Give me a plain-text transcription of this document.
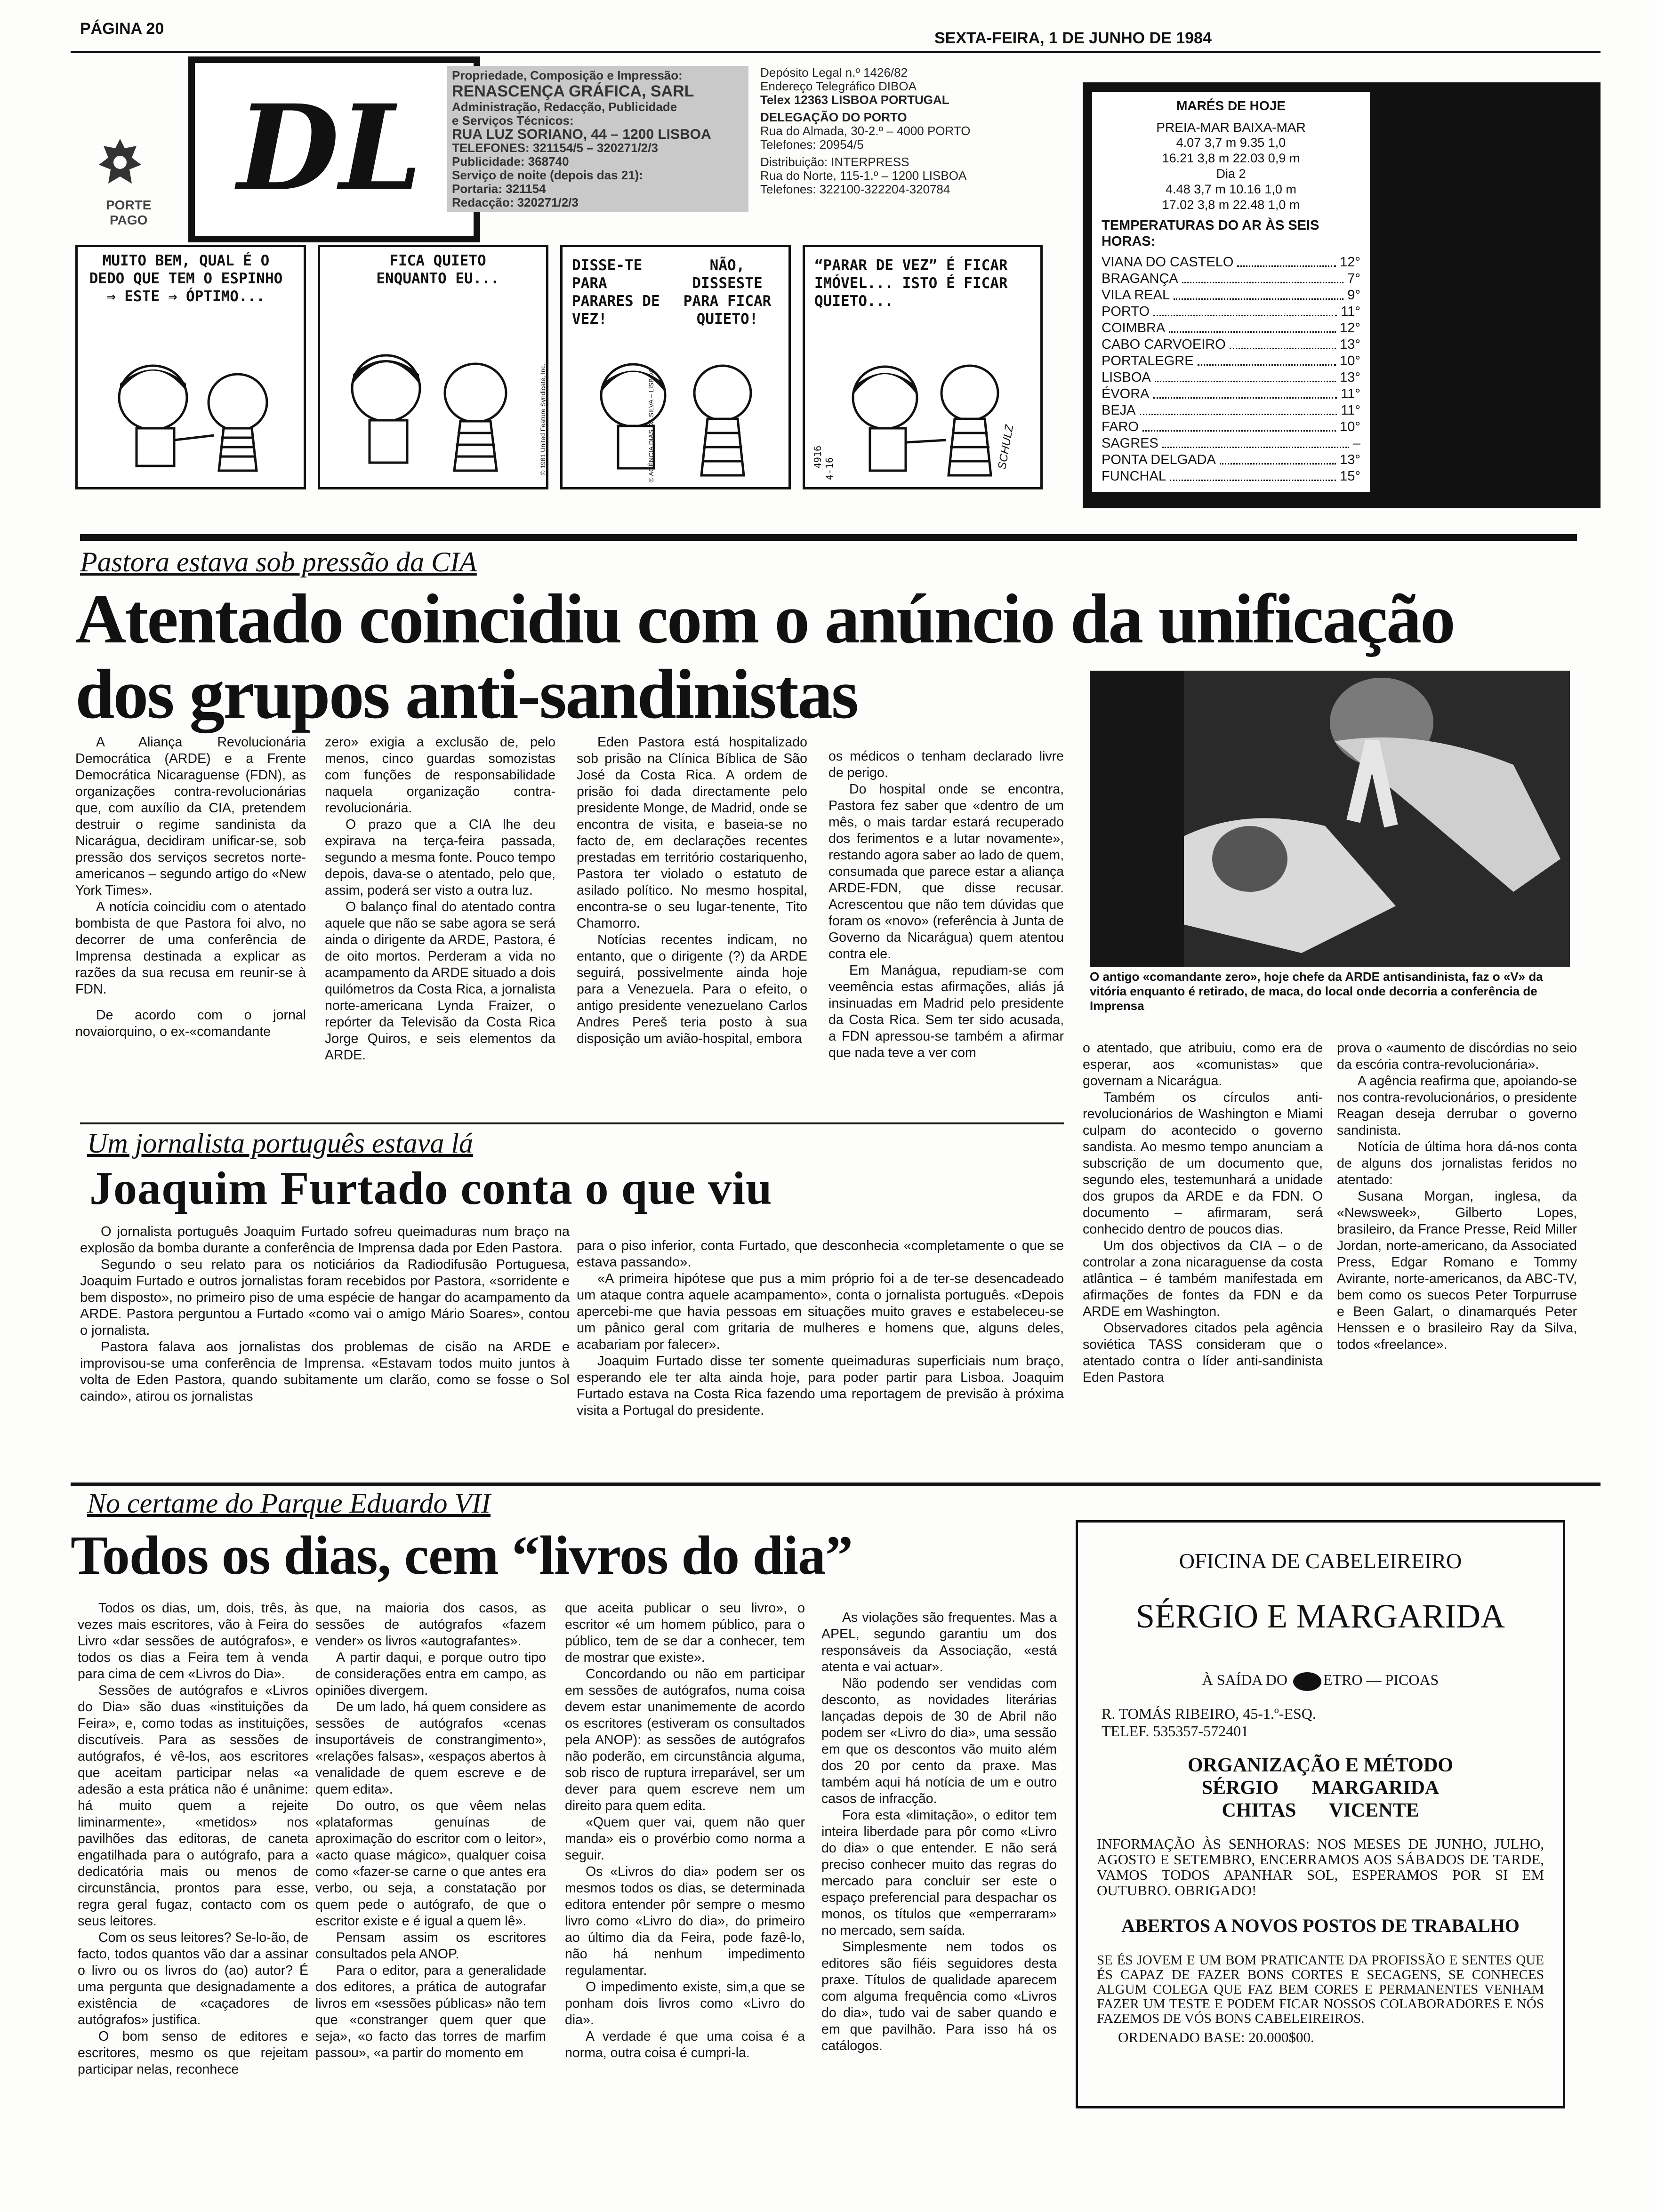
PÁGINA 20
SEXTA-FEIRA, 1 DE JUNHO DE 1984
PORTE
PAGO
DL
Propriedade, Composição e Impressão:
RENASCENÇA GRÁFICA, SARL
Administração, Redacção, Publicidade
e Serviços Técnicos:
RUA LUZ SORIANO, 44 – 1200 LISBOA
TELEFONES: 321154/5 – 320271/2/3
Publicidade: 368740
Serviço de noite (depois das 21):
Portaria: 321154
Redacção: 320271/2/3
Depósito Legal n.º 1426/82
Endereço Telegráfico DIBOA
Telex 12363 LISBOA PORTUGAL
DELEGAÇÃO DO PORTO
Rua do Almada, 30-2.º – 4000 PORTO
Telefones: 20954/5
Distribuição: INTERPRESS
Rua do Norte, 115-1.º – 1200 LISBOA
Telefones: 322100-322204-320784
MARÉS DE HOJE
PREIA-MAR BAIXA-MAR
4.07 3,7 m 9.35 1,0
16.21 3,8 m 22.03 0,9 m
Dia 2
4.48 3,7 m 10.16 1,0 m
17.02 3,8 m 22.48 1,0 m
TEMPERATURAS DO AR ÀS SEIS HORAS:
VIANA DO CASTELO	12°
BRAGANÇA	7°
VILA REAL	9°
PORTO	11°
COIMBRA	12°
CABO CARVOEIRO	13°
PORTALEGRE	10°
LISBOA	13°
ÉVORA	11°
BEJA	11°
FARO	10°
SAGRES	–
PONTA DELGADA	13°
FUNCHAL	15°
MUITO BEM, QUAL É O DEDO QUE TEM O ESPINHO ⇒ ESTE ⇒ ÓPTIMO...
FICA QUIETO ENQUANTO EU...
© 1981 United Feature Syndicate, Inc.
DISSE-TE PARA PARARES DE VEZ!
NÃO, DISSESTE PARA FICAR QUIETO!
© AGÊNCIA DIAS DA SILVA – LISBOA
“PARAR DE VEZ” É FICAR IMÓVEL... ISTO É FICAR QUIETO...
SCHULZ
4916
4-16
Pastora estava sob pressão da CIA
Atentado coincidiu com o anúncio da unificação
dos grupos anti-sandinistas

A Aliança Revolucionária Democrática (ARDE) e a Frente Democrática Nicaraguense (FDN), as organizações contra-revolucionárias que, com auxílio da CIA, pretendem destruir o regime sandinista da Nicarágua, decidiram unificar-se, sob pressão dos serviços secretos norte-americanos – segundo artigo do «New York Times».

A notícia coincidiu com o atentado bombista de que Pastora foi alvo, no decorrer de uma conferência de Imprensa destinada a explicar as razões da sua recusa em reunir-se à FDN.

De acordo com o jornal novaiorquino, o ex-«comandante

zero» exigia a exclusão de, pelo menos, cinco guardas somozistas com funções de responsabilidade naquela organização contra-revolucionária.

O prazo que a CIA lhe deu expirava na terça-feira passada, segundo a mesma fonte. Pouco tempo depois, dava-se o atentado, pelo que, assim, poderá ser visto a outra luz.

O balanço final do atentado contra aquele que não se sabe agora se será ainda o dirigente da ARDE, Pastora, é de oito mortos. Perderam a vida no acampamento da ARDE situado a dois quilómetros da Costa Rica, a jornalista norte-americana Lynda Fraizer, o repórter da Televisão da Costa Rica Jorge Quiros, e seis elementos da ARDE.

Eden Pastora está hospitalizado sob prisão na Clínica Bíblica de São José da Costa Rica. A ordem de prisão foi dada directamente pelo presidente Monge, de Madrid, onde se encontra de visita, e baseia-se no facto de, em declarações recentes prestadas em território costariquenho, Pastora ter violado o estatuto de asilado político. No mesmo hospital, encontra-se o seu lugar-tenente, Tito Chamorro.

Notícias recentes indicam, no entanto, que o dirigente (?) da ARDE seguirá, possivelmente ainda hoje para a Venezuela. Para o efeito, o antigo presidente venezuelano Carlos Andres Pereš teria posto à sua disposição um avião-hospital, embora

os médicos o tenham declarado livre de perigo.

Do hospital onde se encontra, Pastora fez saber que «dentro de um mês, o mais tardar estará recuperado dos ferimentos e a lutar novamente», restando agora saber ao lado de quem, consumada que parece estar a aliança ARDE-FDN, que disse recusar. Acrescentou que não tem dúvidas que foram os «novo» (referência à Junta de Governo da Nicarágua) quem atentou contra ele.

Em Manágua, repudiam-se com veemência estas afirmações, aliás já insinuadas em Madrid pelo presidente da Costa Rica. Sem ter sido acusada, a FDN apressou-se também a afirmar que nada teve a ver com

O antigo «comandante zero», hoje chefe da ARDE antisandinista, faz o «V» da vitória enquanto é retirado, de maca, do local onde decorria a conferência de Imprensa

o atentado, que atribuiu, como era de esperar, aos «comunistas» que governam a Nicarágua.

Também os círculos anti-revolucionários de Washington e Miami culpam do acontecido o governo sandista. Ao mesmo tempo anunciam a subscrição de um documento que, segundo eles, testemunhará a unidade dos grupos da ARDE e da FDN. O documento – afirmaram, será conhecido dentro de poucos dias.

Um dos objectivos da CIA – o de controlar a zona nicaraguense da costa atlântica – é também manifestada em afirmações de fontes da FDN e da ARDE em Washington.

Observadores citados pela agência soviética TASS consideram que o atentado contra o líder anti-sandinista Eden Pastora

prova o «aumento de discórdias no seio da escória contra-revolucionária».

A agência reafirma que, apoiando-se nos contra-revolucionários, o presidente Reagan deseja derrubar o governo sandinista.

Notícia de última hora dá-nos conta de alguns dos jornalistas feridos no atentado:

Susana Morgan, inglesa, da «Newsweek», Gilberto Lopes, brasileiro, da France Presse, Reid Miller Jordan, norte-americano, da Associated Press, Edgar Romano e Tommy Avirante, norte-americanos, da ABC-TV, bem como os suecos Peter Torpurruse e Been Galart, o dinamarqués Peter Henssen e o brasileiro Ray da Silva, todos «freelance».

Um jornalista português estava lá
Joaquim Furtado conta o que viu

O jornalista português Joaquim Furtado sofreu queimaduras num braço na explosão da bomba durante a conferência de Imprensa dada por Eden Pastora.

Segundo o seu relato para os noticiários da Radiodifusão Portuguesa, Joaquim Furtado e outros jornalistas foram recebidos por Pastora, «sorridente e bem disposto», no primeiro piso de uma espécie de hangar do acampamento da ARDE. Pastora perguntou a Furtado «como vai o amigo Mário Soares», contou o jornalista.

Pastora falava aos jornalistas dos problemas de cisão na ARDE e improvisou-se uma conferência de Imprensa. «Estavam todos muito juntos à volta de Eden Pastora, quando subitamente um clarão, como se fosse o Sol caindo», atirou os jornalistas

para o piso inferior, conta Furtado, que desconhecia «completamente o que se estava passando».

«A primeira hipótese que pus a mim próprio foi a de ter-se desencadeado um ataque contra aquele acampamento», conta o jornalista português. «Depois apercebi-me que havia pessoas em situações muito graves e estabeleceu-se um pânico geral com gritaria de mulheres e homens que, alguns deles, acabariam por falecer».

Joaquim Furtado disse ter somente queimaduras superficiais num braço, esperando ele ter alta ainda hoje, para poder partir para Lisboa. Joaquim Furtado estava na Costa Rica fazendo uma reportagem de previsão à próxima visita a Portugal do presidente.

No certame do Parque Eduardo VII
Todos os dias, cem “livros do dia”

Todos os dias, um, dois, três, às vezes mais escritores, vão à Feira do Livro «dar sessões de autógrafos», e todos os dias a Feira tem à venda para cima de cem «Livros do Dia».

Sessões de autógrafos e «Livros do Dia» são duas «instituições da Feira», e, como todas as instituições, discutíveis. Para as sessões de autógrafos, é vê-los, aos escritores que aceitam participar nelas «a adesão a esta prática não é unânime: há muito quem a rejeite liminarmente», «metidos» nos pavilhões das editoras, de caneta engatilhada para o autógrafo, para a dedicatória mais ou menos de circunstância, prontos para esse, regra geral fugaz, contacto com os seus leitores.

Com os seus leitores? Se-lo-ão, de facto, todos quantos vão dar a assinar o livro ou os livros do (ao) autor? É uma pergunta que designadamente a existência de «caçadores de autógrafos» justifica.

O bom senso de editores e escritores, mesmo os que rejeitam participar nelas, reconhece

que, na maioria dos casos, as sessões de autógrafos «fazem vender» os livros «autografantes».

A partir daqui, e porque outro tipo de considerações entra em campo, as opiniões divergem.

De um lado, há quem considere as sessões de autógrafos «cenas insuportáveis de constrangimento», «relações falsas», «espaços abertos à venalidade de quem escreve e de quem edita».

Do outro, os que vêem nelas «plataformas genuínas de aproximação do escritor com o leitor», «acto quase mágico», qualquer coisa como «fazer-se carne o que antes era verbo, ou seja, a constatação por quem pede o autógrafo, de que o escritor existe e é igual a quem lê».

Pensam assim os escritores consultados pela ANOP.

Para o editor, para a generalidade dos editores, a prática de autografar livros em «sessões públicas» não tem que «constranger quem quer que seja», «o facto das torres de marfim passou», «a partir do momento em

que aceita publicar o seu livro», o escritor «é um homem público, para o público, tem de se dar a conhecer, tem de mostrar que existe».

Concordando ou não em participar em sessões de autógrafos, numa coisa devem estar unanimemente de acordo os escritores (estiveram os consultados pela ANOP): as sessões de autógrafos não poderão, em circunstância alguma, sob risco de ruptura irreparável, ser um dever para quem escreve nem um direito para quem edita.

«Quem quer vai, quem não quer manda» eis o provérbio como norma a seguir.

Os «Livros do dia» podem ser os mesmos todos os dias, se determinada editora entender pôr sempre o mesmo livro como «Livro do dia», do primeiro ao último dia da Feira, pode fazê-lo, não há nenhum impedimento regulamentar.

O impedimento existe, sim,a que se ponham dois livros como «Livro do dia».

A verdade é que uma coisa é a norma, outra coisa é cumpri-la.

As violações são frequentes. Mas a APEL, segundo garantiu um dos responsáveis da Associação, «está atenta e vai actuar».

Não podendo ser vendidas com desconto, as novidades literárias lançadas depois de 30 de Abril não podem ser «Livro do dia», uma sessão em que os descontos vão muito além dos 20 por cento da praxe. Mas também aqui há notícia de um e outro casos de infracção.

Fora esta «limitação», o editor tem inteira liberdade para pôr como «Livro do dia» o que entender. E não será preciso conhecer muito das regras do mercado para concluir ser este o espaço preferencial para despachar os monos, os títulos que «emperraram» no mercado, sem saída.

Simplesmente nem todos os editores são fiéis seguidores desta praxe. Títulos de qualidade aparecem com alguma frequência como «Livros do dia», tudo vai de saber quando e em que pavilhão. Para isso há os catálogos.

OFICINA DE CABELEIREIRO
SÉRGIO E MARGARIDA
À SAÍDA DO ETRO — PICOAS
R. TOMÁS RIBEIRO, 45-1.º-ESQ.
TELEF. 535357-572401
ORGANIZAÇÃO E MÉTODO
SÉRGIO MARGARIDA
CHITAS VICENTE
INFORMAÇÃO ÀS SENHORAS: NOS MESES DE JUNHO, JULHO, AGOSTO E SETEMBRO, ENCERRAMOS AOS SÁBADOS DE TARDE, VAMOS TODOS APANHAR SOL, ESPERAMOS POR SI EM OUTUBRO. OBRIGADO!
ABERTOS A NOVOS POSTOS DE TRABALHO
SE ÉS JOVEM E UM BOM PRATICANTE DA PROFISSÃO E SENTES QUE ÉS CAPAZ DE FAZER BONS CORTES E SECAGENS, SE CONHECES ALGUM COLEGA QUE FAZ BEM CORES E PERMANENTES VENHAM FAZER UM TESTE E PODEM FICAR NOSSOS COLABORADORES E NÓS FAZEMOS DE VÓS BONS CABELEIREIROS.
ORDENADO BASE: 20.000$00.
